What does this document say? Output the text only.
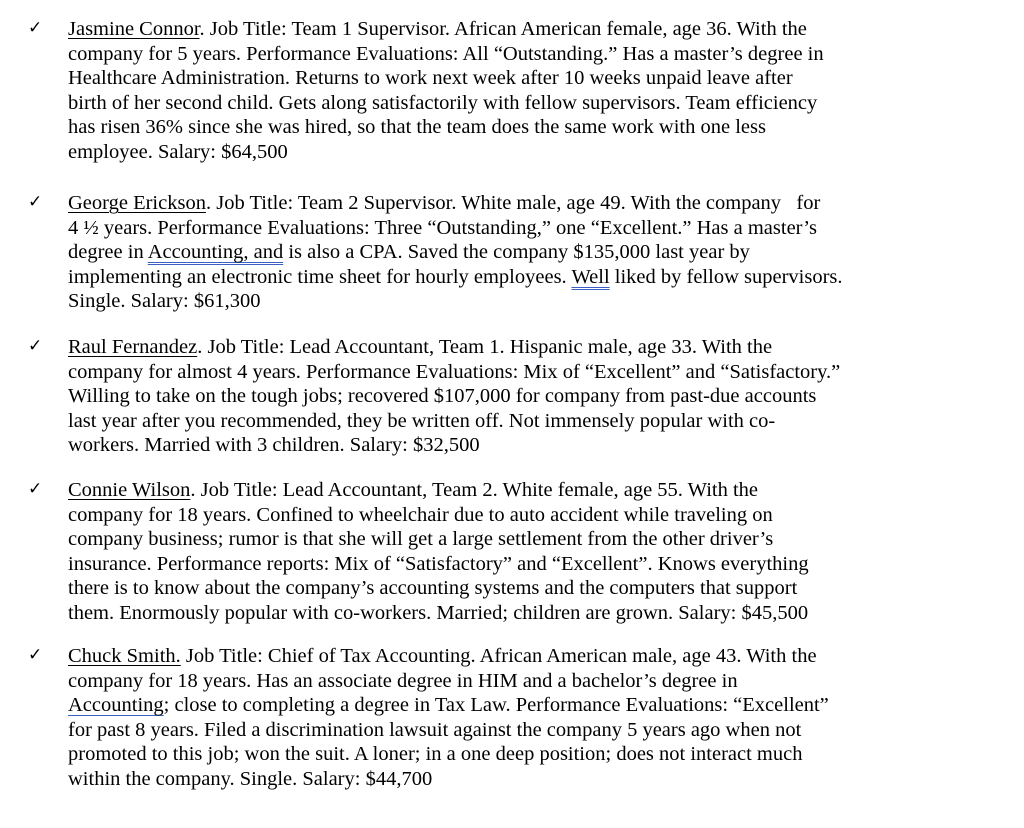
✓ Jasmine Connor. Job Title: Team 1 Supervisor. African American female, age 36. With the
company for 5 years. Performance Evaluations: All “Outstanding.” Has a master’s degree in
Healthcare Administration. Returns to work next week after 10 weeks unpaid leave after
birth of her second child. Gets along satisfactorily with fellow supervisors. Team efficiency
has risen 36% since she was hired, so that the team does the same work with one less
employee. Salary: $64,500
✓ George Erickson. Job Title: Team 2 Supervisor. White male, age 49. With the company   for
4 ½ years. Performance Evaluations: Three “Outstanding,” one “Excellent.” Has a master’s
degree in Accounting, and is also a CPA. Saved the company $135,000 last year by
implementing an electronic time sheet for hourly employees. Well liked by fellow supervisors.
Single. Salary: $61,300
✓ Raul Fernandez. Job Title: Lead Accountant, Team 1. Hispanic male, age 33. With the
company for almost 4 years. Performance Evaluations: Mix of “Excellent” and “Satisfactory.”
Willing to take on the tough jobs; recovered $107,000 for company from past-due accounts
last year after you recommended, they be written off. Not immensely popular with co-
workers. Married with 3 children. Salary: $32,500
✓ Connie Wilson. Job Title: Lead Accountant, Team 2. White female, age 55. With the
company for 18 years. Confined to wheelchair due to auto accident while traveling on
company business; rumor is that she will get a large settlement from the other driver’s
insurance. Performance reports: Mix of “Satisfactory” and “Excellent”. Knows everything
there is to know about the company’s accounting systems and the computers that support
them. Enormously popular with co-workers. Married; children are grown. Salary: $45,500
✓ Chuck Smith. Job Title: Chief of Tax Accounting. African American male, age 43. With the
company for 18 years. Has an associate degree in HIM and a bachelor’s degree in
Accounting; close to completing a degree in Tax Law. Performance Evaluations: “Excellent”
for past 8 years. Filed a discrimination lawsuit against the company 5 years ago when not
promoted to this job; won the suit. A loner; in a one deep position; does not interact much
within the company. Single. Salary: $44,700
